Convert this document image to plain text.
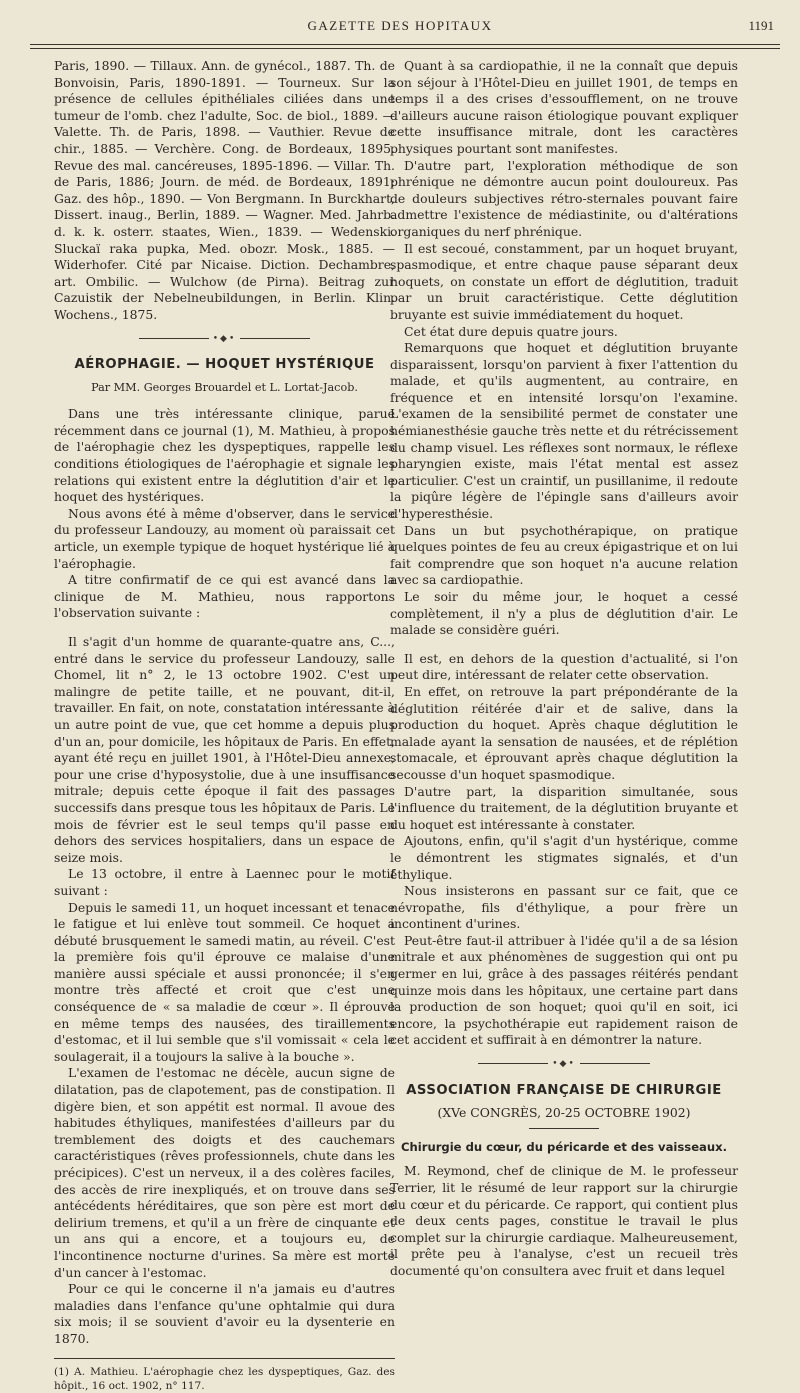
GAZETTE DES HOPITAUX	1191

Paris, 1890. — Tillaux. Ann. de gynécol., 1887. Th. de Bonvoisin, Paris, 1890-1891. — Tourneux. Sur la présence de cellules épithéliales ciliées dans une tumeur de l'omb. chez l'adulte, Soc. de biol., 1889. — Valette. Th. de Paris, 1898. — Vauthier. Revue de chir., 1885. — Verchère. Cong. de Bordeaux, 1895. Revue des mal. cancéreuses, 1895-1896. — Villar. Th. de Paris, 1886; Journ. de méd. de Bordeaux, 1891; Gaz. des hôp., 1890. — Von Bergmann. In Burckhart, Dissert. inaug., Berlin, 1889. — Wagner. Med. Jahrb. d. k. k. osterr. staates, Wien., 1839. — Wedenski. Sluckaï raka pupka, Med. obozr. Mosk., 1885. — Widerhofer. Cité par Nicaise. Diction. Dechambre, art. Ombilic. — Wulchow (de Pirna). Beitrag zur Cazuistik der Nebelneubildungen, in Berlin. Klin. Wochens., 1875.

•◆•
AÉROPHAGIE. — HOQUET HYSTÉRIQUE
Par MM. Georges Brouardel et L. Lortat-Jacob.

Dans une très intéressante clinique, parue récemment dans ce journal (1), M. Mathieu, à propos de l'aérophagie chez les dyspeptiques, rappelle les conditions étiologiques de l'aérophagie et signale les relations qui existent entre la déglutition d'air et le hoquet des hystériques.

Nous avons été à même d'observer, dans le service du professeur Landouzy, au moment où paraissait cet article, un exemple typique de hoquet hystérique lié à l'aérophagie.

A titre confirmatif de ce qui est avancé dans la clinique de M. Mathieu, nous rapportons l'observation suivante :

Il s'agit d'un homme de quarante-quatre ans, C..., entré dans le service du professeur Landouzy, salle Chomel, lit n° 2, le 13 octobre 1902. C'est un malingre de petite taille, et ne pouvant, dit-il, travailler. En fait, on note, constatation intéressante à un autre point de vue, que cet homme a depuis plus d'un an, pour domicile, les hôpitaux de Paris. En effet, ayant été reçu en juillet 1901, à l'Hôtel-Dieu annexe, pour une crise d'hyposystolie, due à une insuffisance mitrale; depuis cette époque il fait des passages successifs dans presque tous les hôpitaux de Paris. Le mois de février est le seul temps qu'il passe en dehors des services hospitaliers, dans un espace de seize mois.

Le 13 octobre, il entre à Laennec pour le motif suivant :

Depuis le samedi 11, un hoquet incessant et tenace le fatigue et lui enlève tout sommeil. Ce hoquet a débuté brusquement le samedi matin, au réveil. C'est la première fois qu'il éprouve ce malaise d'une manière aussi spéciale et aussi prononcée; il s'en montre très affecté et croit que c'est une conséquence de « sa maladie de cœur ». Il éprouve en même temps des nausées, des tiraillements d'estomac, et il lui semble que s'il vomissait « cela le soulagerait, il a toujours la salive à la bouche ».

L'examen de l'estomac ne décèle, aucun signe de dilatation, pas de clapotement, pas de constipation. Il digère bien, et son appétit est normal. Il avoue des habitudes éthyliques, manifestées d'ailleurs par du tremblement des doigts et des cauchemars caractéristiques (rêves professionnels, chute dans les précipices). C'est un nerveux, il a des colères faciles, des accès de rire inexpliqués, et on trouve dans ses antécédents héréditaires, que son père est mort de delirium tremens, et qu'il a un frère de cinquante et un ans qui a encore, et a toujours eu, de l'incontinence nocturne d'urines. Sa mère est morte d'un cancer à l'estomac.

Pour ce qui le concerne il n'a jamais eu d'autres maladies dans l'enfance qu'une ophtalmie qui dura six mois; il se souvient d'avoir eu la dysenterie en 1870.

(1) A. Mathieu. L'aérophagie chez les dyspeptiques, Gaz. des hôpit., 16 oct. 1902, n° 117.

Quant à sa cardiopathie, il ne la connaît que depuis son séjour à l'Hôtel-Dieu en juillet 1901, de temps en temps il a des crises d'essoufflement, on ne trouve d'ailleurs aucune raison étiologique pouvant expliquer cette insuffisance mitrale, dont les caractères physiques pourtant sont manifestes.

D'autre part, l'exploration méthodique de son phrénique ne démontre aucun point douloureux. Pas de douleurs subjectives rétro-sternales pouvant faire admettre l'existence de médiastinite, ou d'altérations organiques du nerf phrénique.

Il est secoué, constamment, par un hoquet bruyant, spasmodique, et entre chaque pause séparant deux hoquets, on constate un effort de déglutition, traduit par un bruit caractéristique. Cette déglutition bruyante est suivie immédiatement du hoquet.

Cet état dure depuis quatre jours.

Remarquons que hoquet et déglutition bruyante disparaissent, lorsqu'on parvient à fixer l'attention du malade, et qu'ils augmentent, au contraire, en fréquence et en intensité lorsqu'on l'examine. L'examen de la sensibilité permet de constater une hémianesthésie gauche très nette et du rétrécissement du champ visuel. Les réflexes sont normaux, le réflexe pharyngien existe, mais l'état mental est assez particulier. C'est un craintif, un pusillanime, il redoute la piqûre légère de l'épingle sans d'ailleurs avoir d'hyperesthésie.

Dans un but psychothérapique, on pratique quelques pointes de feu au creux épigastrique et on lui fait comprendre que son hoquet n'a aucune relation avec sa cardiopathie.

Le soir du même jour, le hoquet a cessé complètement, il n'y a plus de déglutition d'air. Le malade se considère guéri.

Il est, en dehors de la question d'actualité, si l'on peut dire, intéressant de relater cette observation.

En effet, on retrouve la part prépondérante de la déglutition réitérée d'air et de salive, dans la production du hoquet. Après chaque déglutition le malade ayant la sensation de nausées, et de réplétion stomacale, et éprouvant après chaque déglutition la secousse d'un hoquet spasmodique.

D'autre part, la disparition simultanée, sous l'influence du traitement, de la déglutition bruyante et du hoquet est intéressante à constater.

Ajoutons, enfin, qu'il s'agit d'un hystérique, comme le démontrent les stigmates signalés, et d'un éthylique.

Nous insisterons en passant sur ce fait, que ce névropathe, fils d'éthylique, a pour frère un incontinent d'urines.

Peut-être faut-il attribuer à l'idée qu'il a de sa lésion mitrale et aux phénomènes de suggestion qui ont pu germer en lui, grâce à des passages réitérés pendant quinze mois dans les hôpitaux, une certaine part dans la production de son hoquet; quoi qu'il en soit, ici encore, la psychothérapie eut rapidement raison de cet accident et suffirait à en démontrer la nature.

•◆•
ASSOCIATION FRANÇAISE DE CHIRURGIE
(XVe CONGRÈS, 20-25 OCTOBRE 1902)
Chirurgie du cœur, du péricarde et des vaisseaux.

M. Reymond, chef de clinique de M. le professeur Terrier, lit le résumé de leur rapport sur la chirurgie du cœur et du péricarde. Ce rapport, qui contient plus de deux cents pages, constitue le travail le plus complet sur la chirurgie cardiaque. Malheureusement, il prête peu à l'analyse, c'est un recueil très documenté qu'on consultera avec fruit et dans lequel
